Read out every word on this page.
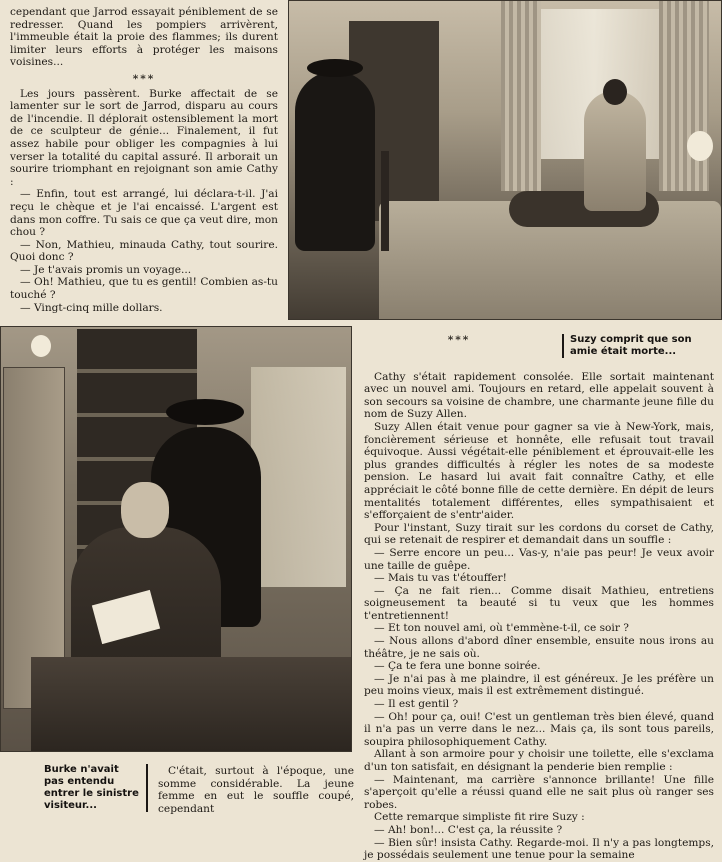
cependant que Jarrod essayait péniblement de se redresser. Quand les pompiers arrivèrent, l'immeuble était la proie des flammes; ils durent limiter leurs efforts à protéger les maisons voisines...

***

Les jours passèrent. Burke affectait de se lamenter sur le sort de Jarrod, disparu au cours de l'incendie. Il déplorait ostensiblement la mort de ce sculpteur de génie... Finalement, il fut assez habile pour obliger les compagnies à lui verser la totalité du capital assuré. Il arborait un sourire triomphant en rejoignant son amie Cathy :

— Enfin, tout est arrangé, lui déclara-t-il. J'ai reçu le chèque et je l'ai encaissé. L'argent est dans mon coffre. Tu sais ce que ça veut dire, mon chou ?

— Non, Mathieu, minauda Cathy, tout sourire. Quoi donc ?

— Je t'avais promis un voyage...

— Oh! Mathieu, que tu es gentil! Combien as-tu touché ?

— Vingt-cinq mille dollars.

Suzy comprit que son amie était morte...
Burke n'avait pas entendu entrer le sinistre visiteur...

C'était, surtout à l'époque, une somme considérable. La jeune femme en eut le souffle coupé, cependant

***

Cathy s'était rapidement consolée. Elle sortait maintenant avec un nouvel ami. Toujours en retard, elle appelait souvent à son secours sa voisine de chambre, une charmante jeune fille du nom de Suzy Allen.

Suzy Allen était venue pour gagner sa vie à New-York, mais, foncièrement sérieuse et honnête, elle refusait tout travail équivoque. Aussi végétait-elle péniblement et éprouvait-elle les plus grandes difficultés à régler les notes de sa modeste pension. Le hasard lui avait fait connaître Cathy, et elle appréciait le côté bonne fille de cette dernière. En dépit de leurs mentalités totalement différentes, elles sympathisaient et s'efforçaient de s'entr'aider.

Pour l'instant, Suzy tirait sur les cordons du corset de Cathy, qui se retenait de respirer et demandait dans un souffle :

— Serre encore un peu... Vas-y, n'aie pas peur! Je veux avoir une taille de guêpe.

— Mais tu vas t'étouffer!

— Ça ne fait rien... Comme disait Mathieu, entretiens soigneusement ta beauté si tu veux que les hommes t'entretiennent!

— Et ton nouvel ami, où t'emmène-t-il, ce soir ?

— Nous allons d'abord dîner ensemble, ensuite nous irons au théâtre, je ne sais où.

— Ça te fera une bonne soirée.

— Je n'ai pas à me plaindre, il est généreux. Je les préfère un peu moins vieux, mais il est extrêmement distingué.

— Il est gentil ?

— Oh! pour ça, oui! C'est un gentleman très bien élevé, quand il n'a pas un verre dans le nez... Mais ça, ils sont tous pareils, soupira philosophiquement Cathy.

Allant à son armoire pour y choisir une toilette, elle s'exclama d'un ton satisfait, en désignant la penderie bien remplie :

— Maintenant, ma carrière s'annonce brillante! Une fille s'aperçoit qu'elle a réussi quand elle ne sait plus où ranger ses robes.

Cette remarque simpliste fit rire Suzy :

— Ah! bon!... C'est ça, la réussite ?

— Bien sûr! insista Cathy. Regarde-moi. Il n'y a pas longtemps, je possédais seulement une tenue pour la semaine
